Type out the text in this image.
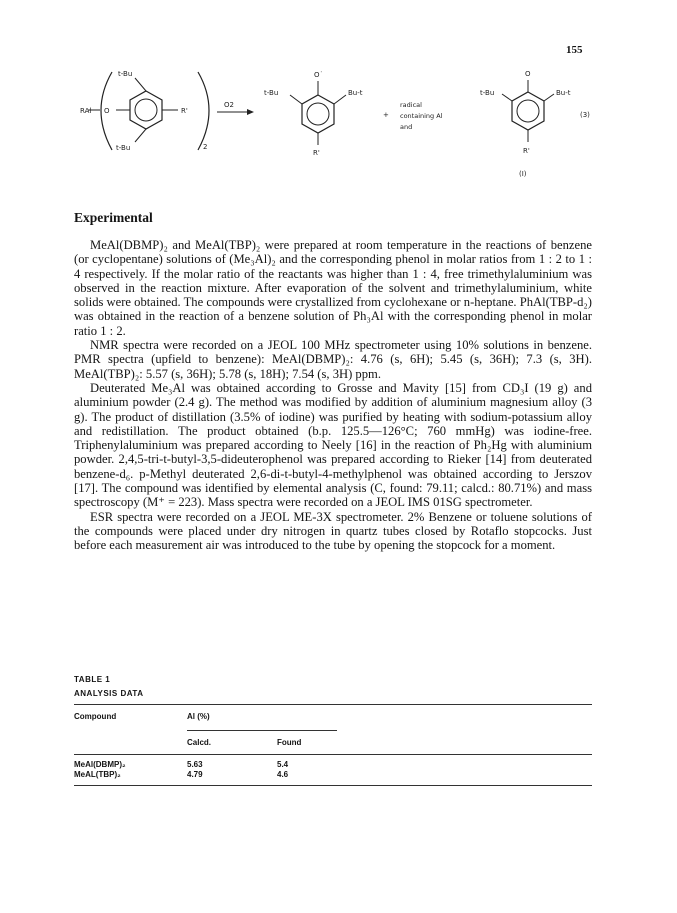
155
t-Bu
t-Bu
RAl O	R'
2
O2
O˙
t-Bu	Bu-t
R'
+
radical
containing Al
and
O
t-Bu	Bu-t
R'
(I)
(3)
Experimental

MeAl(DBMP)₂ and MeAl(TBP)₂ were prepared at room temperature in the reactions of benzene (or cyclopentane) solutions of (Me₃Al)₂ and the corresponding phenol in molar ratios from 1 : 2 to 1 : 4 respectively. If the molar ratio of the reactants was higher than 1 : 4, free trimethylaluminium was observed in the reaction mixture. After evaporation of the solvent and trimethylaluminium, white solids were obtained. The compounds were crystallized from cyclohexane or n-heptane. PhAl(TBP-d₂) was obtained in the reaction of a benzene solution of Ph₃Al with the corresponding phenol in molar ratio 1 : 2.

NMR spectra were recorded on a JEOL 100 MHz spectrometer using 10% solutions in benzene. PMR spectra (upfield to benzene): MeAl(DBMP)₂: 4.76 (s, 6H); 5.45 (s, 36H); 7.3 (s, 3H). MeAl(TBP)₂: 5.57 (s, 36H); 5.78 (s, 18H); 7.54 (s, 3H) ppm.

Deuterated Me₃Al was obtained according to Grosse and Mavity [15] from CD₃I (19 g) and aluminium powder (2.4 g). The method was modified by addition of aluminium magnesium alloy (3 g). The product of distillation (3.5% of iodine) was purified by heating with sodium-potassium alloy and redistillation. The product obtained (b.p. 125.5—126°C; 760 mmHg) was iodine-free. Triphenylaluminium was prepared according to Neely [16] in the reaction of Ph₂Hg with aluminium powder. 2,4,5-tri-t-butyl-3,5-dideuterophenol was prepared according to Rieker [14] from deuterated benzene-d₆. p-Methyl deuterated 2,6-di-t-butyl-4-methylphenol was obtained according to Jerszov [17]. The compound was identified by elemental analysis (C, found: 79.11; calcd.: 80.71%) and mass spectroscopy (M⁺ = 223). Mass spectra were recorded on a JEOL IMS 01SG spectrometer.

ESR spectra were recorded on a JEOL ME-3X spectrometer. 2% Benzene or toluene solutions of the compounds were placed under dry nitrogen in quartz tubes closed by Rotaflo stopcocks. Just before each measurement air was introduced to the tube by opening the stopcock for a moment.

TABLE 1
ANALYSIS DATA
Compound	Al (%)
Calcd.	Found
MeAl(DBMP)₂	5.63	5.4
MeAL(TBP)₂	4.79	4.6
